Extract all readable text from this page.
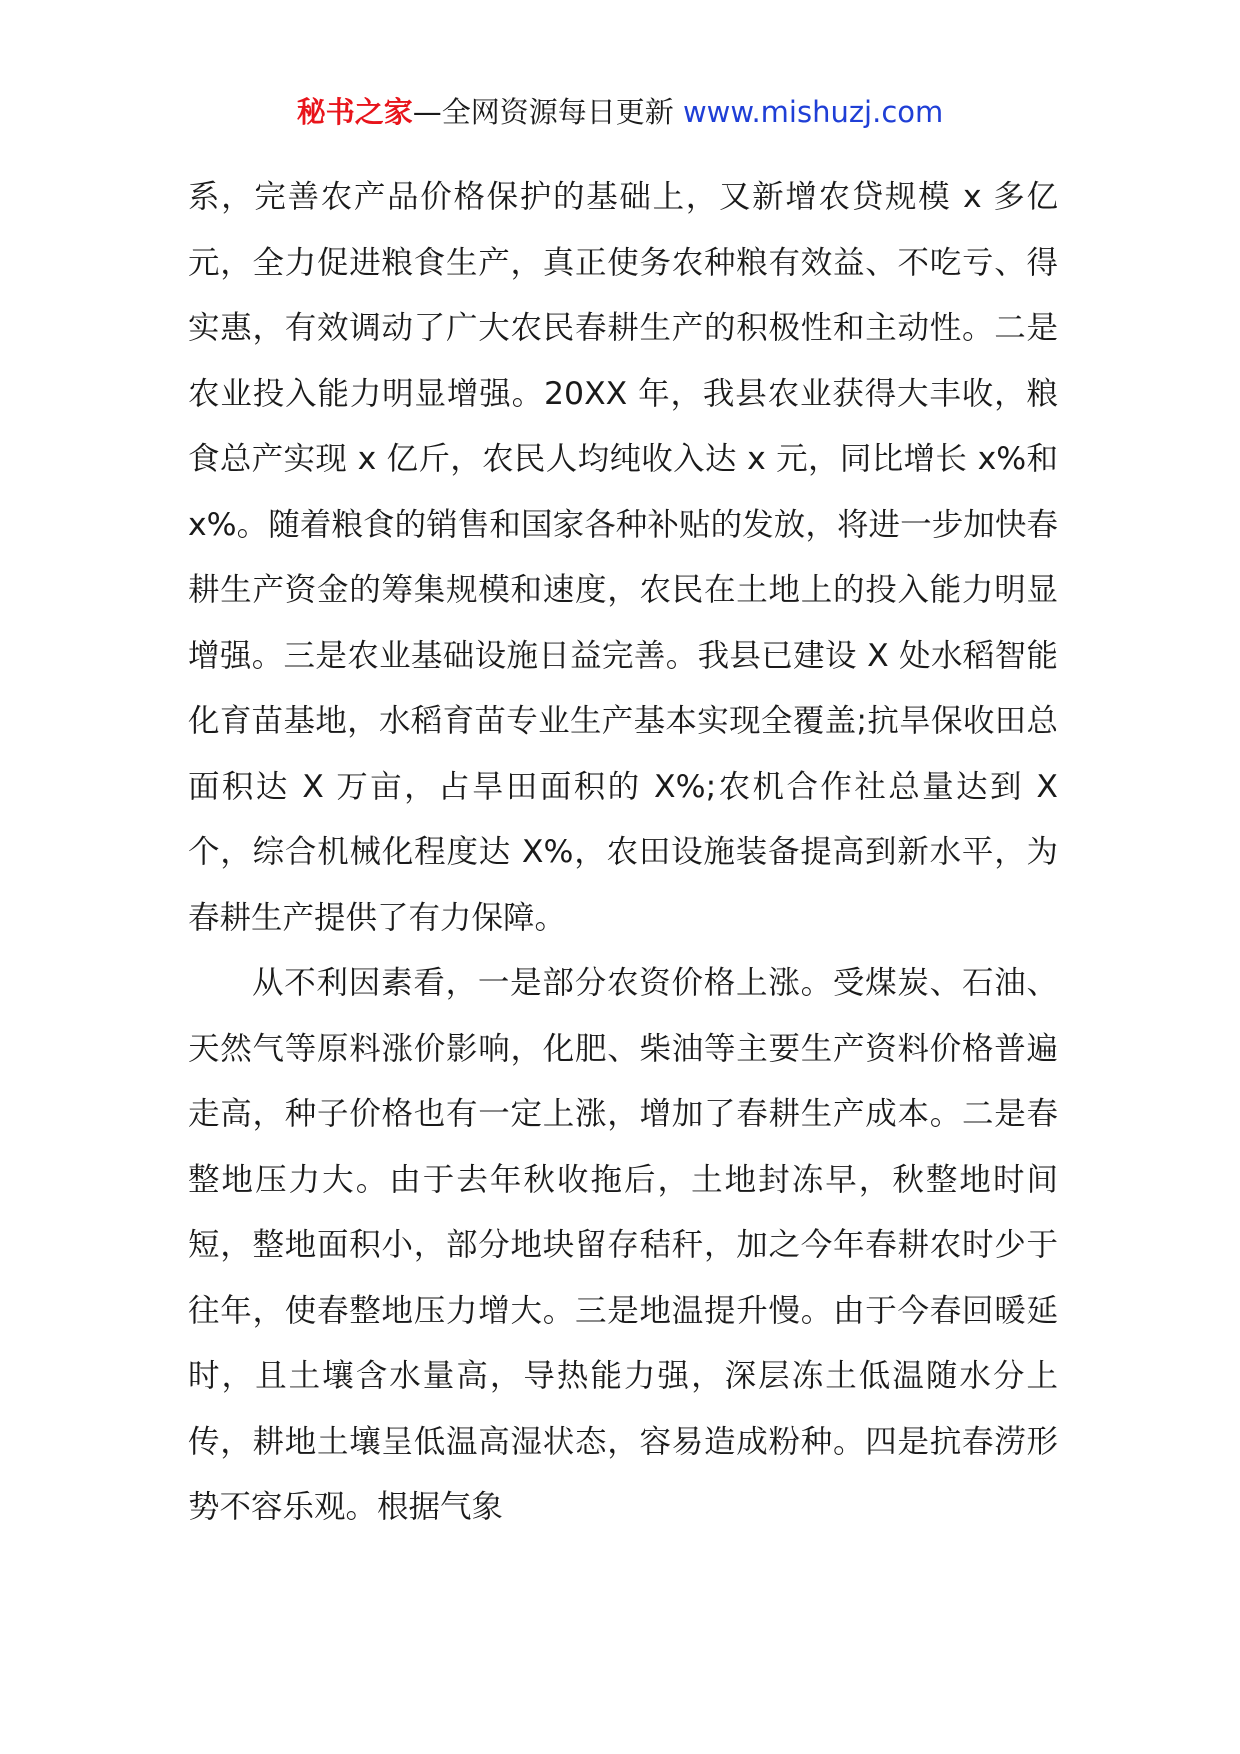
秘书之家—全网资源每日更新 www.mishuzj.com

系，完善农产品价格保护的基础上，又新增农贷规模 x 多亿元，全力促进粮食生产，真正使务农种粮有效益、不吃亏、得实惠，有效调动了广大农民春耕生产的积极性和主动性。二是农业投入能力明显增强。20XX 年，我县农业获得大丰收，粮食总产实现 x 亿斤，农民人均纯收入达 x 元，同比增长 x%和 x%。随着粮食的销售和国家各种补贴的发放，将进一步加快春耕生产资金的筹集规模和速度，农民在土地上的投入能力明显增强。三是农业基础设施日益完善。我县已建设 X 处水稻智能化育苗基地，水稻育苗专业生产基本实现全覆盖;抗旱保收田总面积达 X 万亩，占旱田面积的 X%;农机合作社总量达到 X 个，综合机械化程度达 X%，农田设施装备提高到新水平，为春耕生产提供了有力保障。

从不利因素看，一是部分农资价格上涨。受煤炭、石油、天然气等原料涨价影响，化肥、柴油等主要生产资料价格普遍走高，种子价格也有一定上涨，增加了春耕生产成本。二是春整地压力大。由于去年秋收拖后，土地封冻早，秋整地时间短，整地面积小，部分地块留存秸秆，加之今年春耕农时少于往年，使春整地压力增大。三是地温提升慢。由于今春回暖延时，且土壤含水量高，导热能力强，深层冻土低温随水分上传，耕地土壤呈低温高湿状态，容易造成粉种。四是抗春涝形势不容乐观。根据气象
